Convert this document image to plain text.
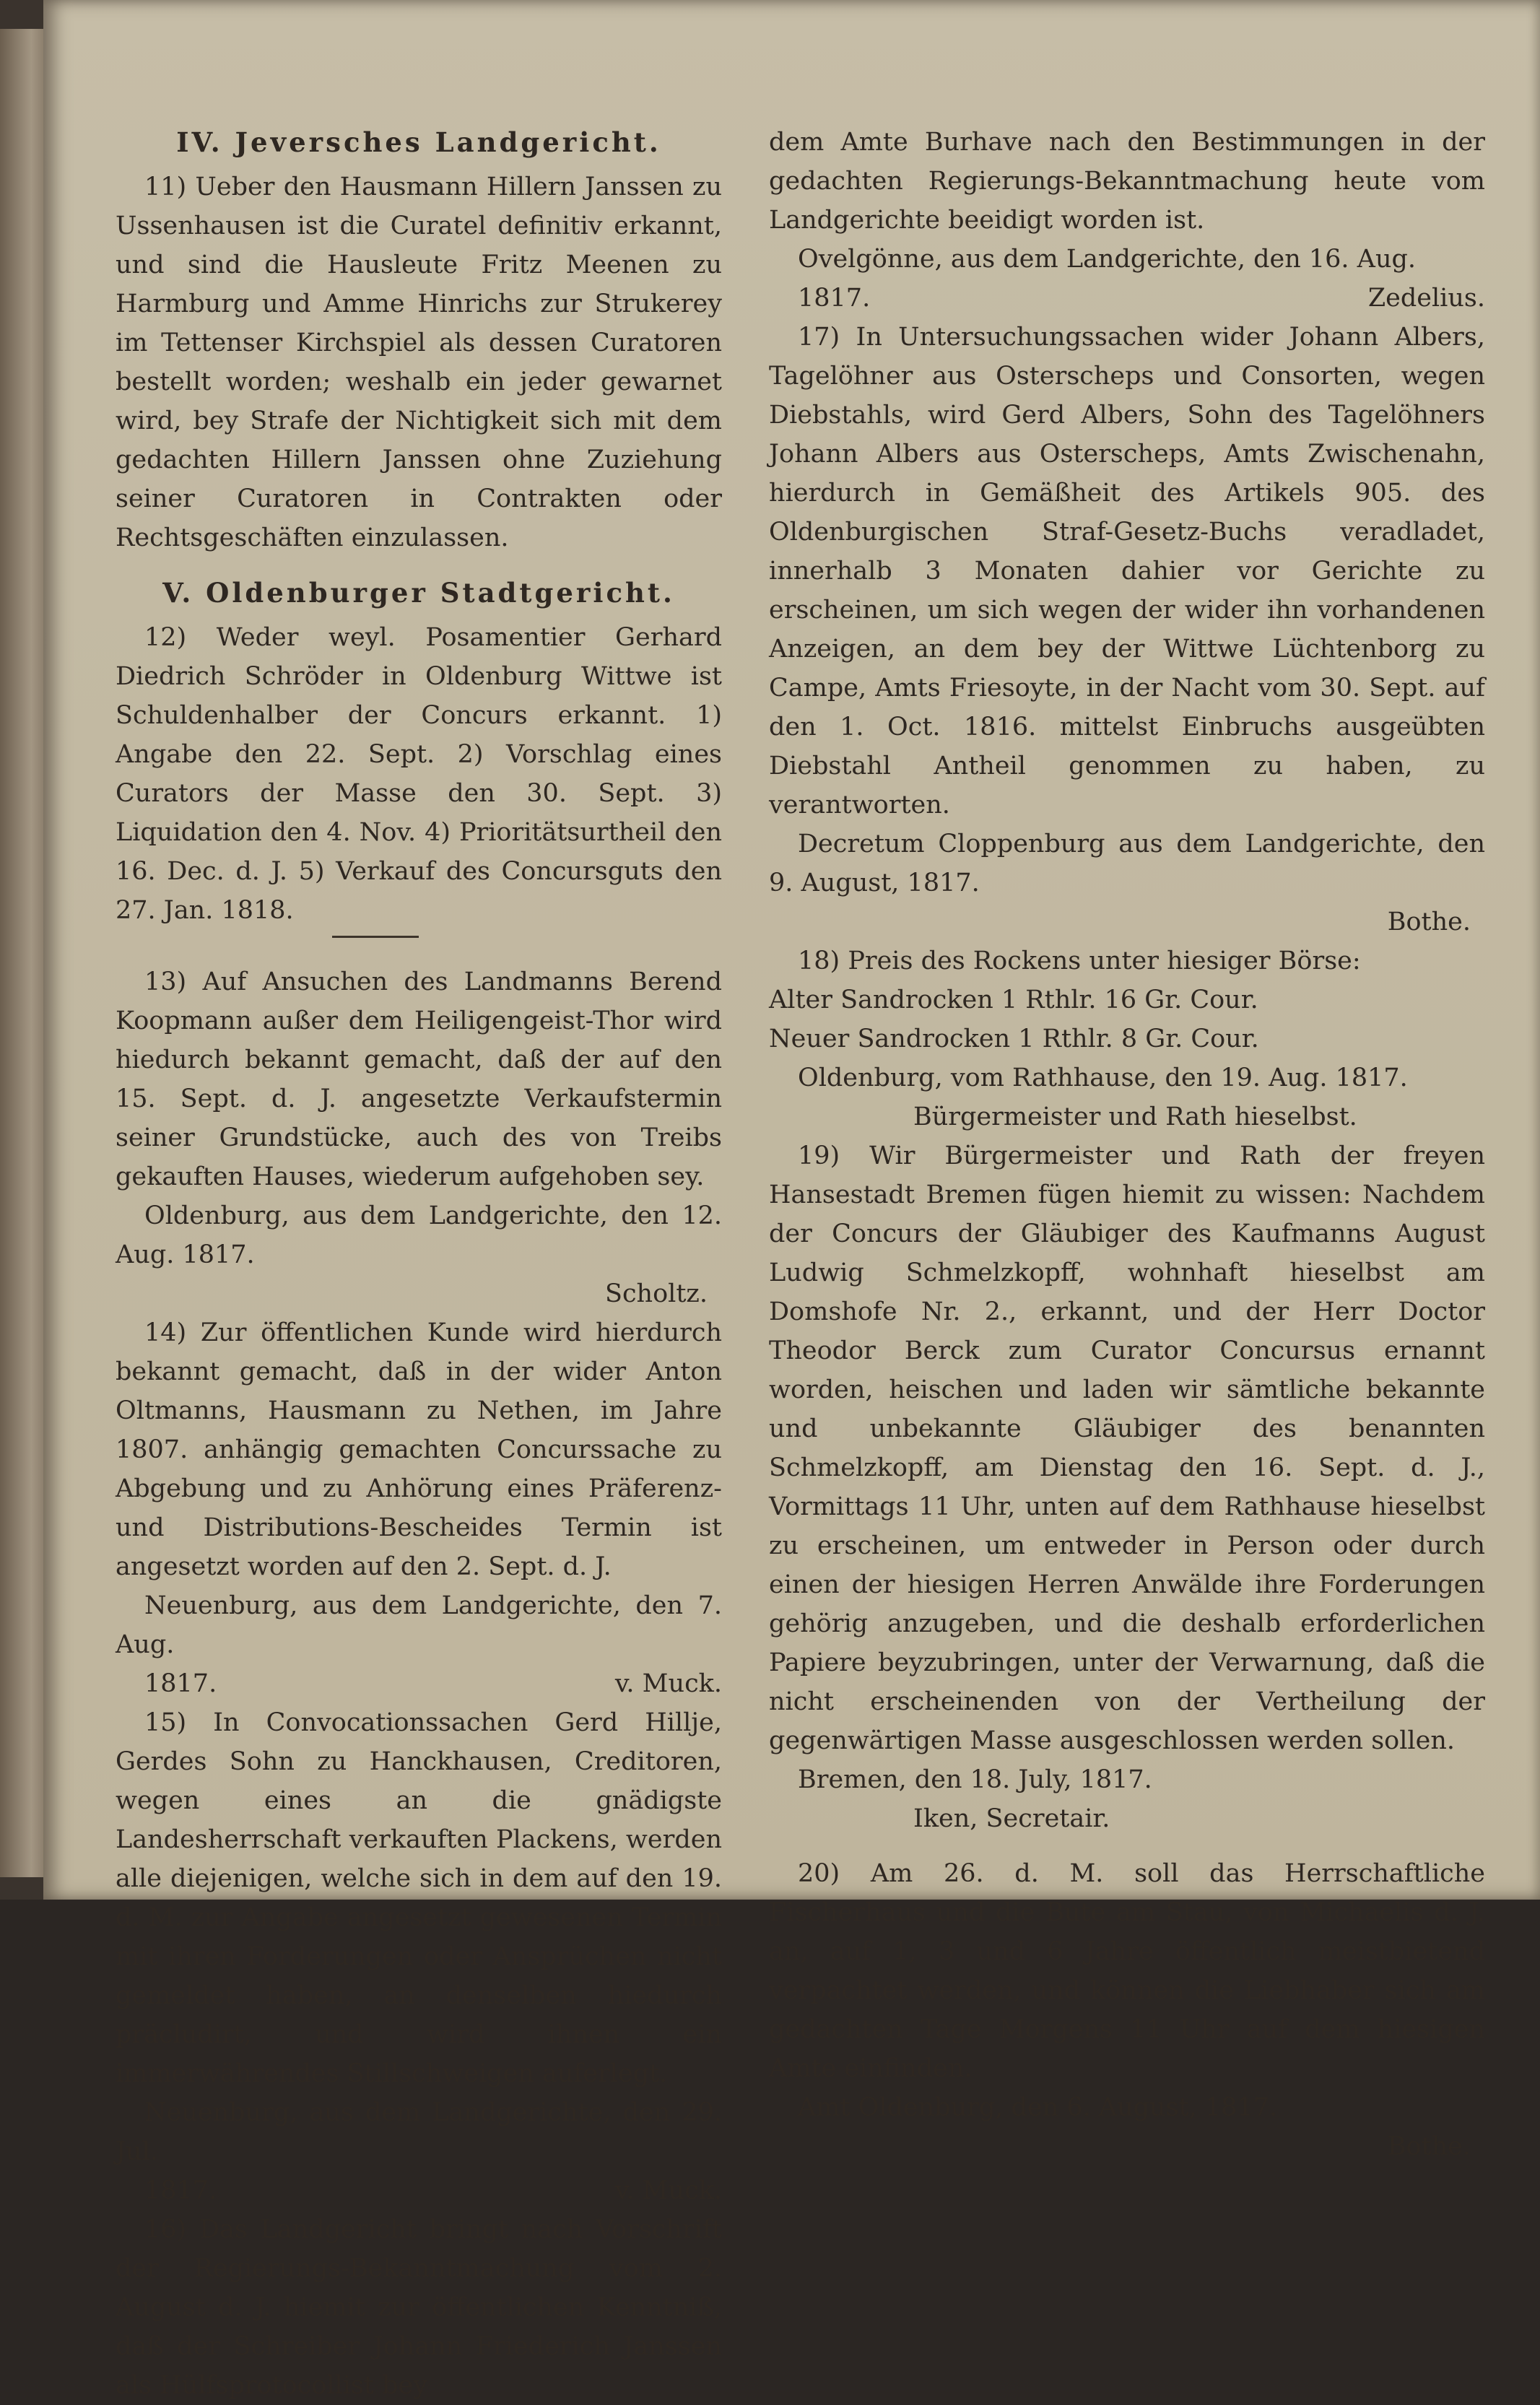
IV. Jeversches Landgericht.

11) Ueber den Hausmann Hillern Janssen zu Ussenhausen ist die Curatel definitiv erkannt, und sind die Hausleute Fritz Meenen zu Harmburg und Amme Hinrichs zur Strukerey im Tettenser Kirchspiel als dessen Curatoren bestellt worden; weshalb ein jeder gewarnet wird, bey Strafe der Nichtigkeit sich mit dem gedachten Hillern Janssen ohne Zuziehung seiner Curatoren in Contrakten oder Rechtsgeschäften einzulassen.

V. Oldenburger Stadtgericht.

12) Weder weyl. Posamentier Gerhard Diedrich Schröder in Oldenburg Wittwe ist Schuldenhalber der Concurs erkannt. 1) Angabe den 22. Sept. 2) Vorschlag eines Curators der Masse den 30. Sept. 3) Liquidation den 4. Nov. 4) Prioritätsurtheil den 16. Dec. d. J. 5) Verkauf des Concursguts den 27. Jan. 1818.

13) Auf Ansuchen des Landmanns Berend Koopmann außer dem Heiligengeist-Thor wird hiedurch bekannt gemacht, daß der auf den 15. Sept. d. J. angesetzte Verkaufstermin seiner Grundstücke, auch des von Treibs gekauften Hauses, wiederum aufgehoben sey.

Oldenburg, aus dem Landgerichte, den 12. Aug. 1817.

Scholtz.

14) Zur öffentlichen Kunde wird hierdurch bekannt gemacht, daß in der wider Anton Oltmanns, Hausmann zu Nethen, im Jahre 1807. anhängig gemachten Concurssache zu Abgebung und zu Anhörung eines Präferenz- und Distributions-Bescheides Termin ist angesetzt worden auf den 2. Sept. d. J.

Neuenburg, aus dem Landgerichte, den 7. Aug.

1817.	v. Muck.

15) In Convocationssachen Gerd Hillje, Gerdes Sohn zu Hanckhausen, Creditoren, wegen eines an die gnädigste Landesherrschaft verkauften Plackens, werden alle diejenigen, welche sich in dem auf den 19. d. M. zur Angabe angesetzt gewesenen Termin mit ihren Forderungen oder Ansprüchen nicht gemeldet haben, an denselben hiedurch präcludirt, und wird ihnen ein immerwährendes Stillschweigen auferlegt.

Neuenburg, aus dem Landgerichte, den 29. Jul.

1817.	v. Muck.

16) Das Landgericht bringt nach Vorschrift der Regierungs-Bekanntmachung vom 2. August d. J. hiemit zur öffentlichen Kenntniß, daß der Schreiber Johann Friederich Janssen als Hülfsprotocollist bey

dem Amte Burhave nach den Bestimmungen in der gedachten Regierungs-Bekanntmachung heute vom Landgerichte beeidigt worden ist.

Ovelgönne, aus dem Landgerichte, den 16. Aug.

1817.	Zedelius.

17) In Untersuchungssachen wider Johann Albers, Tagelöhner aus Osterscheps und Consorten, wegen Diebstahls, wird Gerd Albers, Sohn des Tagelöhners Johann Albers aus Osterscheps, Amts Zwischenahn, hierdurch in Gemäßheit des Artikels 905. des Oldenburgischen Straf-Gesetz-Buchs veradladet, innerhalb 3 Monaten dahier vor Gerichte zu erscheinen, um sich wegen der wider ihn vorhandenen Anzeigen, an dem bey der Wittwe Lüchtenborg zu Campe, Amts Friesoyte, in der Nacht vom 30. Sept. auf den 1. Oct. 1816. mittelst Einbruchs ausgeübten Diebstahl Antheil genommen zu haben, zu verantworten.

Decretum Cloppenburg aus dem Landgerichte, den 9. August, 1817.

Bothe.

18) Preis des Rockens unter hiesiger Börse:

Alter Sandrocken 1 Rthlr. 16 Gr. Cour.

Neuer Sandrocken 1 Rthlr. 8 Gr. Cour.

Oldenburg, vom Rathhause, den 19. Aug. 1817.

Bürgermeister und Rath hieselbst.

19) Wir Bürgermeister und Rath der freyen Hansestadt Bremen fügen hiemit zu wissen: Nachdem der Concurs der Gläubiger des Kaufmanns August Ludwig Schmelzkopff, wohnhaft hieselbst am Domshofe Nr. 2., erkannt, und der Herr Doctor Theodor Berck zum Curator Concursus ernannt worden, heischen und laden wir sämtliche bekannte und unbekannte Gläubiger des benannten Schmelzkopff, am Dienstag den 16. Sept. d. J., Vormittags 11 Uhr, unten auf dem Rathhause hieselbst zu erscheinen, um entweder in Person oder durch einen der hiesigen Herren Anwälde ihre Forderungen gehörig anzugeben, und die deshalb erforderlichen Papiere beyzubringen, unter der Verwarnung, daß die nicht erscheinenden von der Vertheilung der gegenwärtigen Masse ausgeschlossen werden sollen.

Bremen, den 18. July, 1817.

Iken, Secretair.

20) Am 26. d. M. soll das Herrschaftliche Fischerhaus und die Bute am Stau, von Michaelis d. J. an, auf 1, 3 und 6 Jahre öffentlich meistbietend verpachtet werden, und können die Liebhaber sich am gedachten Tage Morgens 11 Uhr auf dem hiesigen Amte einfinden.

Amt Oldenburg, den 6. August, 1817.

Bothe.
